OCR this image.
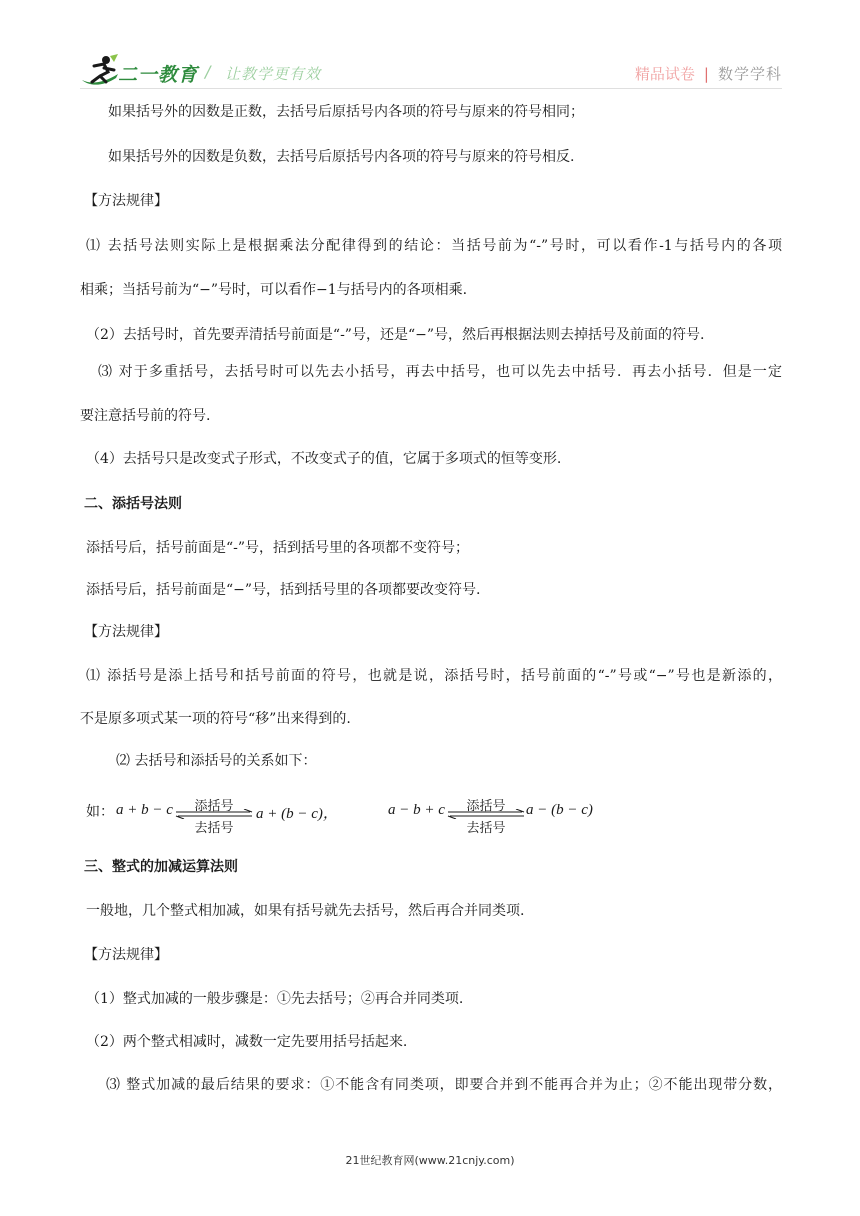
二一教育 / 让教学更有效	精品试卷 | 数学学科
如果括号外的因数是正数，去括号后原括号内各项的符号与原来的符号相同；
如果括号外的因数是负数，去括号后原括号内各项的符号与原来的符号相反.
【方法规律】
⑴ 去括号法则实际上是根据乘法分配律得到的结论：当括号前为“-”号时，可以看作-1与括号内的各项
相乘；当括号前为“−”号时，可以看作−1与括号内的各项相乘.
（2）去括号时，首先要弄清括号前面是“-”号，还是“−”号，然后再根据法则去掉括号及前面的符号.
⑶ 对于多重括号，去括号时可以先去小括号，再去中括号，也可以先去中括号．再去小括号．但是一定
要注意括号前的符号.
（4）去括号只是改变式子形式，不改变式子的值，它属于多项式的恒等变形.
二、添括号法则
添括号后，括号前面是“-”号，括到括号里的各项都不变符号；
添括号后，括号前面是“−”号，括到括号里的各项都要改变符号.
【方法规律】
⑴ 添括号是添上括号和括号前面的符号，也就是说，添括号时，括号前面的“-”号或“−”号也是新添的，
不是原多项式某一项的符号“移”出来得到的.
⑵ 去括号和添括号的关系如下：
如： a + b − c	添括号
去括号
a + (b − c)，	a − b + c	添括号
去括号
a − (b − c)
三、整式的加减运算法则
一般地，几个整式相加减，如果有括号就先去括号，然后再合并同类项.
【方法规律】
（1）整式加减的一般步骤是：①先去括号；②再合并同类项.
（2）两个整式相减时，减数一定先要用括号括起来.
⑶ 整式加减的最后结果的要求：①不能含有同类项，即要合并到不能再合并为止；②不能出现带分数，
21世纪教育网(www.21cnjy.com)
